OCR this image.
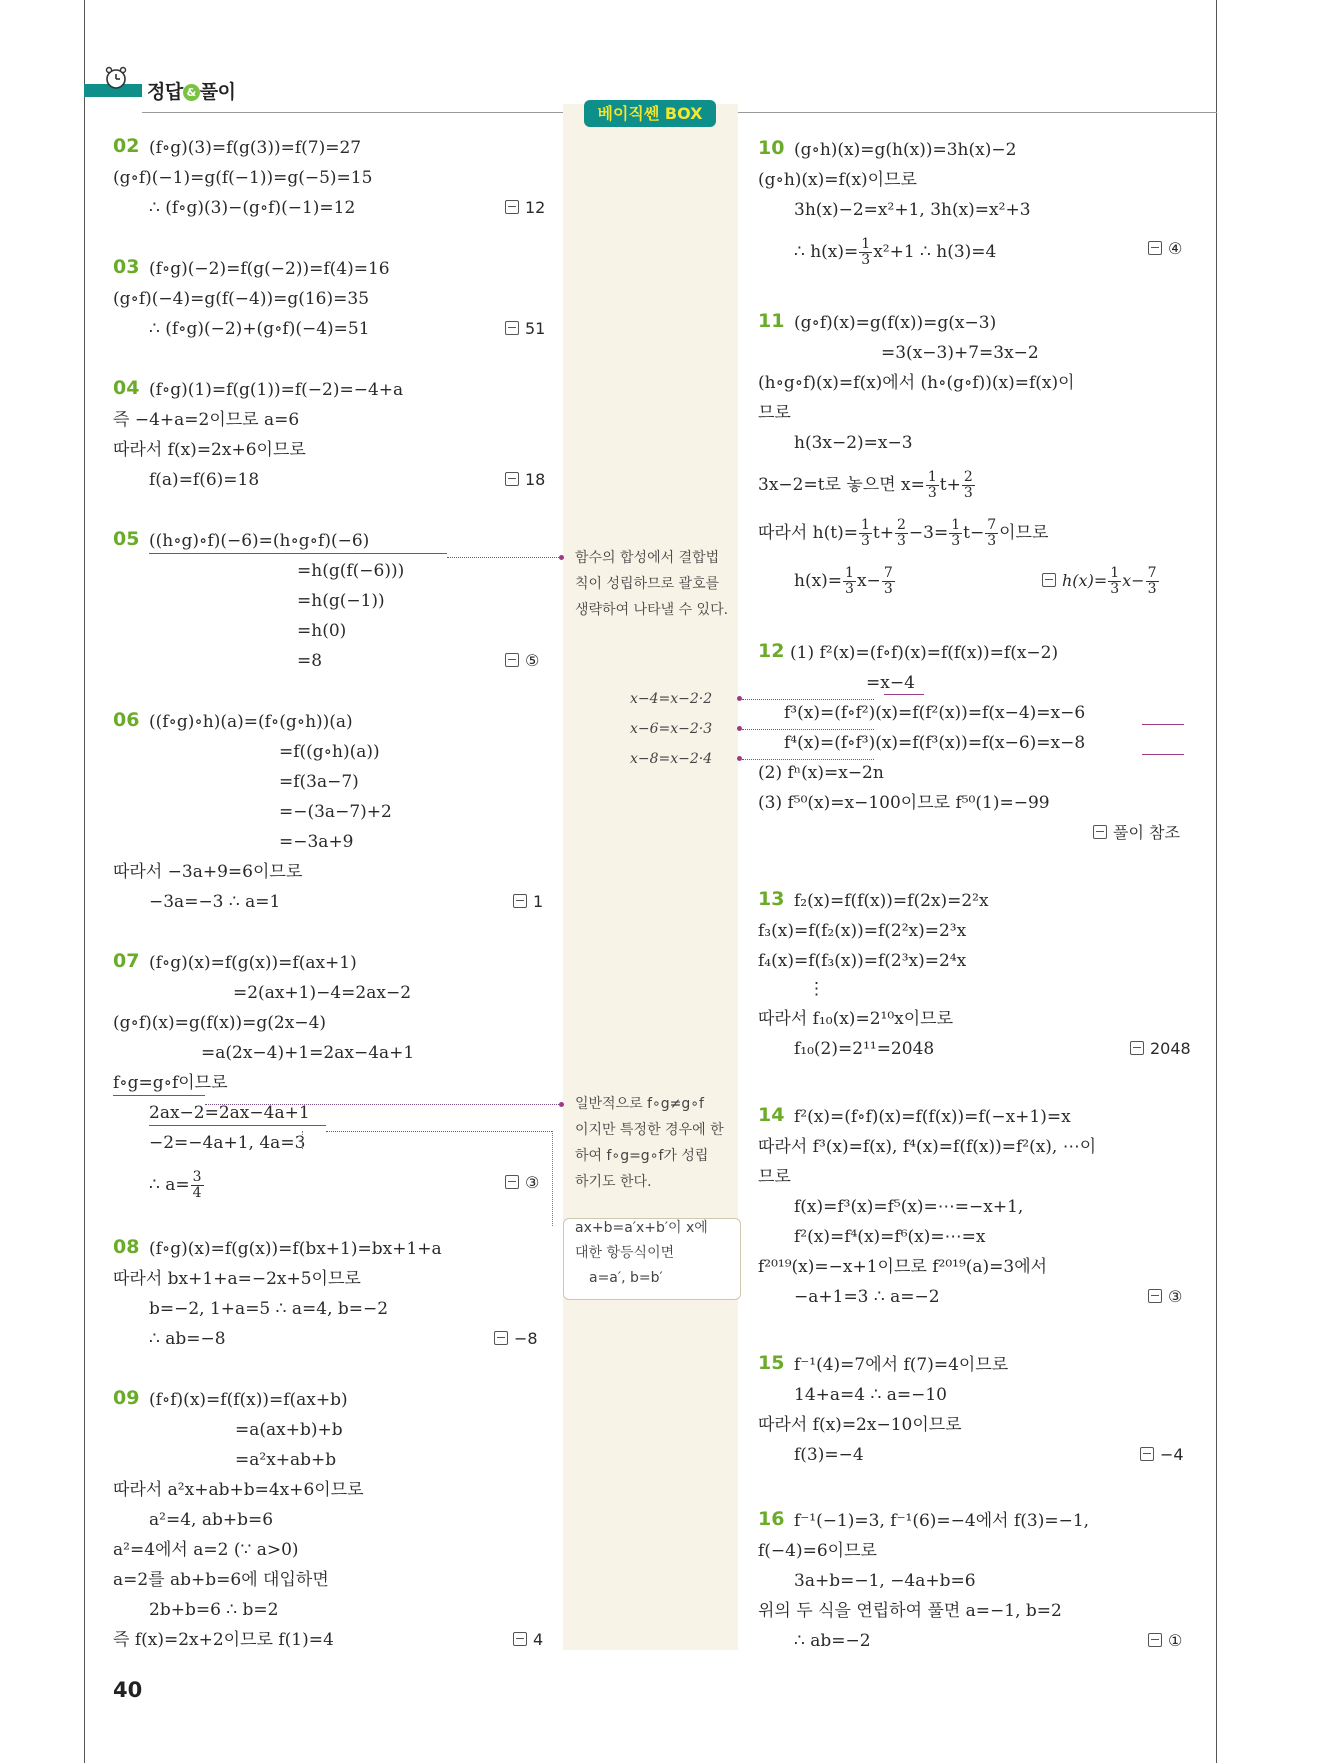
정답 & 풀이
베이직쎈 BOX
02 (f∘g)(3)=f(g(3))=f(7)=27
(g∘f)(−1)=g(f(−1))=g(−5)=15
∴ (f∘g)(3)−(g∘f)(−1)=12	12
03 (f∘g)(−2)=f(g(−2))=f(4)=16
(g∘f)(−4)=g(f(−4))=g(16)=35
∴ (f∘g)(−2)+(g∘f)(−4)=51	51
04 (f∘g)(1)=f(g(1))=f(−2)=−4+a
즉 −4+a=2이므로 a=6
따라서 f(x)=2x+6이므로
f(a)=f(6)=18	18
05 ((h∘g)∘f)(−6)=(h∘g∘f)(−6)
=h(g(f(−6)))
=h(g(−1))
=h(0)
=8	⑤
06 ((f∘g)∘h)(a)=(f∘(g∘h))(a)
=f((g∘h)(a))
=f(3a−7)
=−(3a−7)+2
=−3a+9
따라서 −3a+9=6이므로
−3a=−3 ∴ a=1	1
07 (f∘g)(x)=f(g(x))=f(ax+1)
=2(ax+1)−4=2ax−2
(g∘f)(x)=g(f(x))=g(2x−4)
=a(2x−4)+1=2ax−4a+1
f∘g=g∘f이므로
2ax−2=2ax−4a+1
−2=−4a+1, 4a=3
∴ $a= \frac{3}{4}$	③
08 (f∘g)(x)=f(g(x))=f(bx+1)=bx+1+a
따라서 bx+1+a=−2x+5이므로
b=−2, 1+a=5 ∴ a=4, b=−2
∴ ab=−8	−8
09 (f∘f)(x)=f(f(x))=f(ax+b)
=a(ax+b)+b
=a²x+ab+b
따라서 a²x+ab+b=4x+6이므로
a²=4, ab+b=6
a²=4에서 a=2 (∵ a>0)
a=2를 ab+b=6에 대입하면
2b+b=6 ∴ b=2
즉 f(x)=2x+2이므로 f(1)=4	4
함수의 합성에서 결합법
칙이 성립하므로 괄호를
생략하여 나타낼 수 있다.
x−4=x−2·2
x−6=x−2·3
x−8=x−2·4
일반적으로 f∘g≠g∘f
이지만 특정한 경우에 한
하여 f∘g=g∘f가 성립
하기도 한다.
ax+b=a′x+b′이 x에
대한 항등식이면
a=a′, b=b′
10 (g∘h)(x)=g(h(x))=3h(x)−2
(g∘h)(x)=f(x)이므로
3h(x)−2=x²+1, 3h(x)=x²+3
∴ $h(x)= \frac{1}{3} x^2+1$ ∴ h(3)=4	④
11 (g∘f)(x)=g(f(x))=g(x−3)
=3(x−3)+7=3x−2
(h∘g∘f)(x)=f(x)에서 (h∘(g∘f))(x)=f(x)이
므로
h(3x−2)=x−3
3x−2=t로 놓으면 $x= \frac{1}{3} t+ \frac{2}{3}$
따라서 $h(t)= \frac{1}{3} t+ \frac{2}{3} -3= \frac{1}{3} t- \frac{7}{3}$ 이므로
$h(x)= \frac{1}{3} x- \frac{7}{3}$	$h(x)= \frac{1}{3} x- \frac{7}{3}$
12 (1) f²(x)=(f∘f)(x)=f(f(x))=f(x−2)
=x−4
f³(x)=(f∘f²)(x)=f(f²(x))=f(x−4)=x−6
f⁴(x)=(f∘f³)(x)=f(f³(x))=f(x−6)=x−8
(2) fⁿ(x)=x−2n
(3) f⁵⁰(x)=x−100이므로 f⁵⁰(1)=−99
풀이 참조
13 f₂(x)=f(f(x))=f(2x)=2²x
f₃(x)=f(f₂(x))=f(2²x)=2³x
f₄(x)=f(f₃(x))=f(2³x)=2⁴x
⋮
따라서 f₁₀(x)=2¹⁰x이므로
f₁₀(2)=2¹¹=2048	2048
14 f²(x)=(f∘f)(x)=f(f(x))=f(−x+1)=x
따라서 f³(x)=f(x), f⁴(x)=f(f(x))=f²(x), ⋯이
므로
f(x)=f³(x)=f⁵(x)=⋯=−x+1,
f²(x)=f⁴(x)=f⁶(x)=⋯=x
f²⁰¹⁹(x)=−x+1이므로 f²⁰¹⁹(a)=3에서
−a+1=3 ∴ a=−2	③
15 f⁻¹(4)=7에서 f(7)=4이므로
14+a=4 ∴ a=−10
따라서 f(x)=2x−10이므로
f(3)=−4	−4
16 f⁻¹(−1)=3, f⁻¹(6)=−4에서 f(3)=−1,
f(−4)=6이므로
3a+b=−1, −4a+b=6
위의 두 식을 연립하여 풀면 a=−1, b=2
∴ ab=−2	①
40
